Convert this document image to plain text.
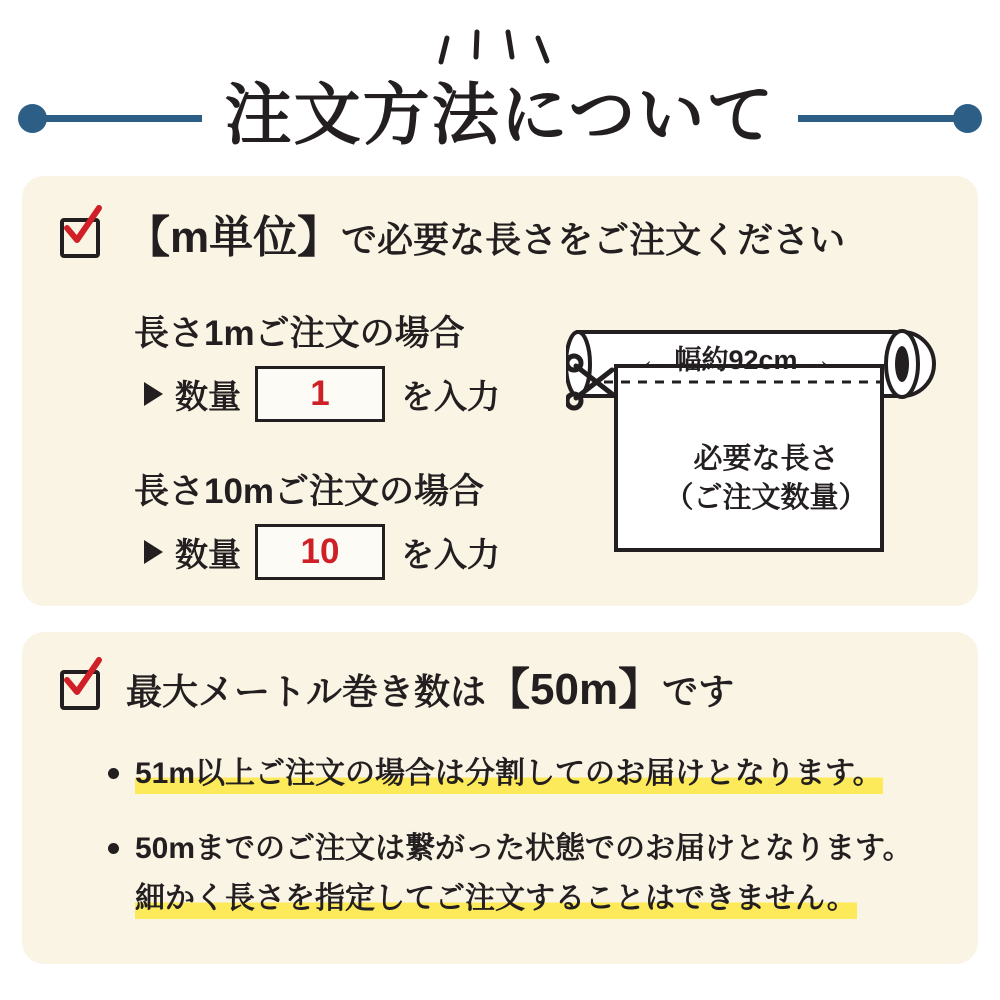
注文方法について
【m単位】で必要な長さをご注文ください
長さ1mご注文の場合
数量	1	を入力
長さ10mご注文の場合
数量	10	を入力
← 幅約92cm →
必要な長さ
（ご注文数量）
最大メートル巻き数は【50m】です
51m以上ご注文の場合は分割してのお届けとなります。
50mまでのご注文は繋がった状態でのお届けとなります。
細かく長さを指定してご注文することはできません。
